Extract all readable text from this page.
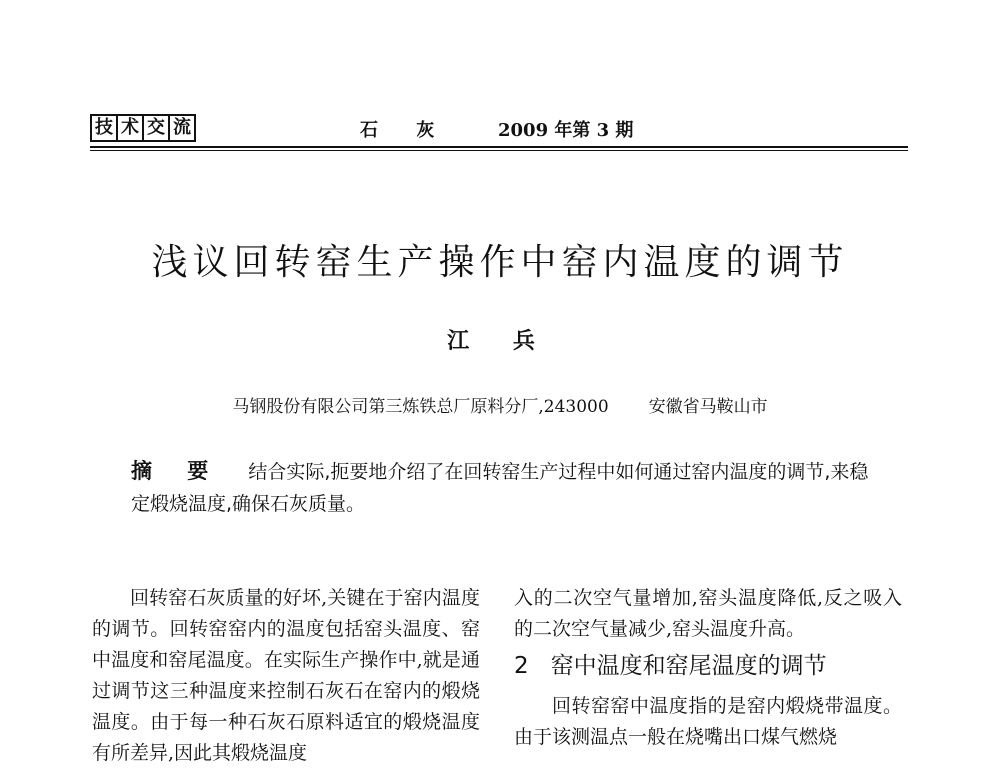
技 术 交 流	石 灰	2009 年第 3 期
浅议回转窑生产操作中窑内温度的调节
江 兵
马钢股份有限公司第三炼铁总厂原料分厂,243000 安徽省马鞍山市
摘 要 结合实际,扼要地介绍了在回转窑生产过程中如何通过窑内温度的调节,来稳定煅烧温度,确保石灰质量。

回转窑石灰质量的好坏,关键在于窑内温度的调节。回转窑窑内的温度包括窑头温度、窑中温度和窑尾温度。在实际生产操作中,就是通过调节这三种温度来控制石灰石在窑内的煅烧温度。由于每一种石灰石原料适宜的煅烧温度有所差异,因此其煅烧温度

入的二次空气量增加,窑头温度降低,反之吸入的二次空气量减少,窑头温度升高。

2 窑中温度和窑尾温度的调节

回转窑窑中温度指的是窑内煅烧带温度。由于该测温点一般在烧嘴出口煤气燃烧
